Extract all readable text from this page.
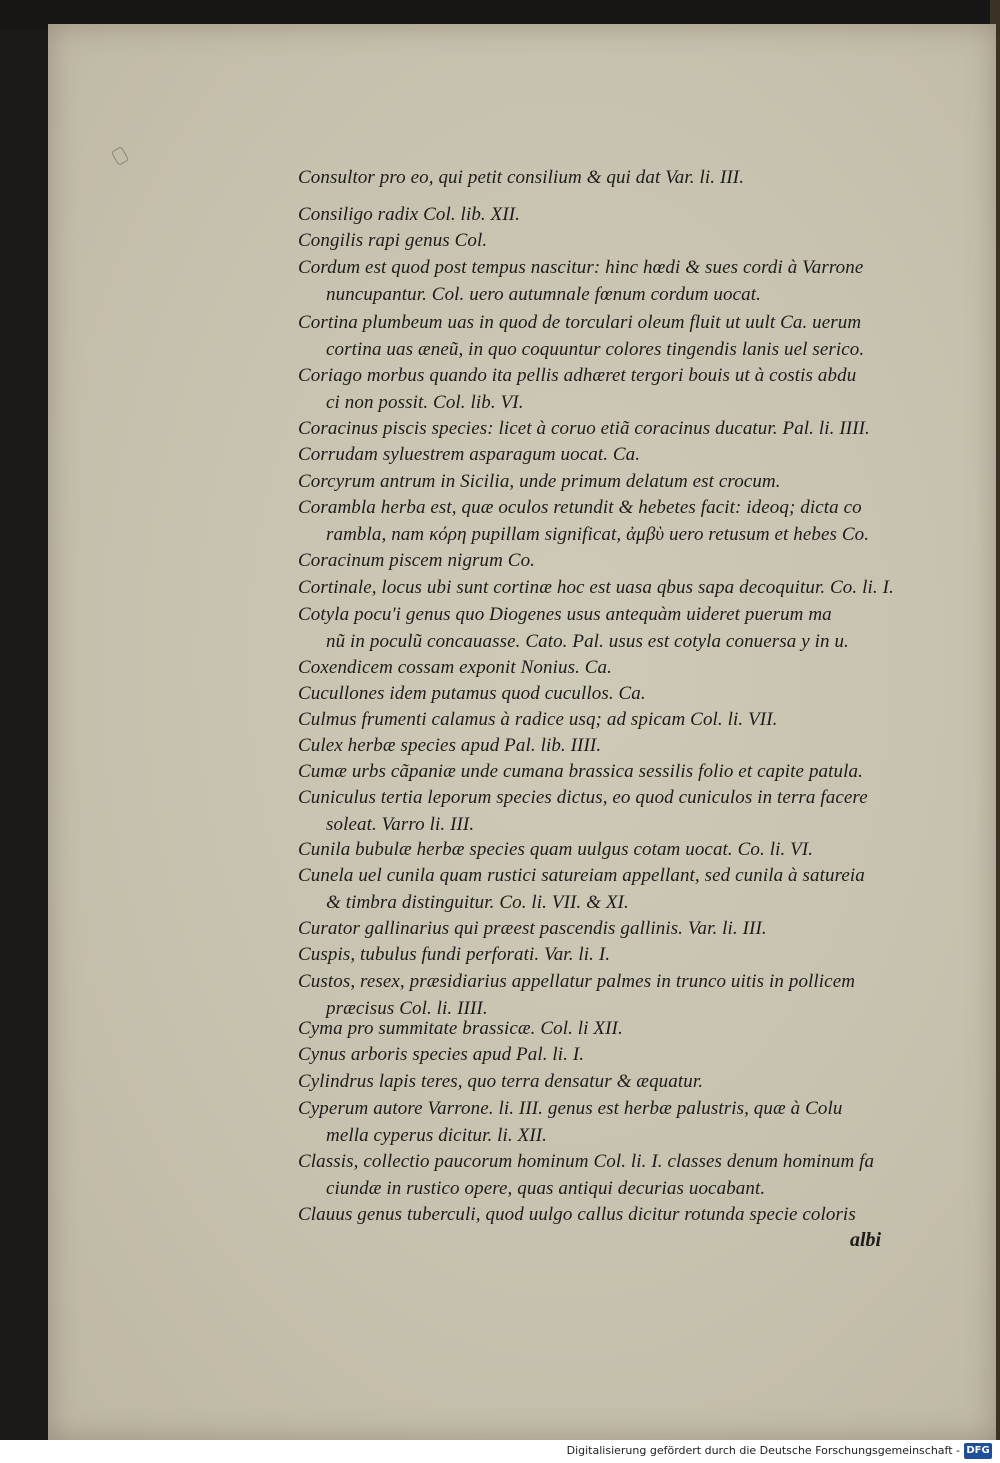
Consultor pro eo, qui petit consilium & qui dat Var. li. III.
Consiligo radix Col. lib. XII.
Congilis rapi genus Col.
Cordum est quod post tempus nascitur: hinc hœdi & sues cordi à Varrone
nuncupantur. Col. uero autumnale fœnum cordum uocat.
Cortina plumbeum uas in quod de torculari oleum fluit ut uult Ca. uerum
cortina uas æneũ, in quo coquuntur colores tingendis lanis uel serico.
Coriago morbus quando ita pellis adhæret tergori bouis ut à costis abdu
ci non possit. Col. lib. VI.
Coracinus piscis species: licet à coruo etiã coracinus ducatur. Pal. li. IIII.
Corrudam syluestrem asparagum uocat. Ca.
Corcyrum antrum in Sicilia, unde primum delatum est crocum.
Corambla herba est, quæ oculos retundit & hebetes facit: ideoq; dicta co
rambla, nam κόρη pupillam significat, ἀμβὺ uero retusum et hebes Co.
Coracinum piscem nigrum Co.
Cortinale, locus ubi sunt cortinæ hoc est uasa qbus sapa decoquitur. Co. li. I.
Cotyla pocu'i genus quo Diogenes usus antequàm uideret puerum ma
nũ in poculũ concauasse. Cato. Pal. usus est cotyla conuersa y in u.
Coxendicem cossam exponit Nonius. Ca.
Cucullones idem putamus quod cucullos. Ca.
Culmus frumenti calamus à radice usq; ad spicam Col. li. VII.
Culex herbæ species apud Pal. lib. IIII.
Cumæ urbs cãpaniæ unde cumana brassica sessilis folio et capite patula.
Cuniculus tertia leporum species dictus, eo quod cuniculos in terra facere
soleat. Varro li. III.
Cunila bubulæ herbæ species quam uulgus cotam uocat. Co. li. VI.
Cunela uel cunila quam rustici satureiam appellant, sed cunila à satureia
& timbra distinguitur. Co. li. VII. & XI.
Curator gallinarius qui præest pascendis gallinis. Var. li. III.
Cuspis, tubulus fundi perforati. Var. li. I.
Custos, resex, præsidiarius appellatur palmes in trunco uitis in pollicem
præcisus Col. li. IIII.
Cyma pro summitate brassicæ. Col. li XII.
Cynus arboris species apud Pal. li. I.
Cylindrus lapis teres, quo terra densatur & æquatur.
Cyperum autore Varrone. li. III. genus est herbæ palustris, quæ à Colu
mella cyperus dicitur. li. XII.
Classis, collectio paucorum hominum Col. li. I. classes denum hominum fa
ciundæ in rustico opere, quas antiqui decurias uocabant.
Clauus genus tuberculi, quod uulgo callus dicitur rotunda specie coloris
albi
Digitalisierung gefördert durch die Deutsche Forschungsgemeinschaft - DFG
